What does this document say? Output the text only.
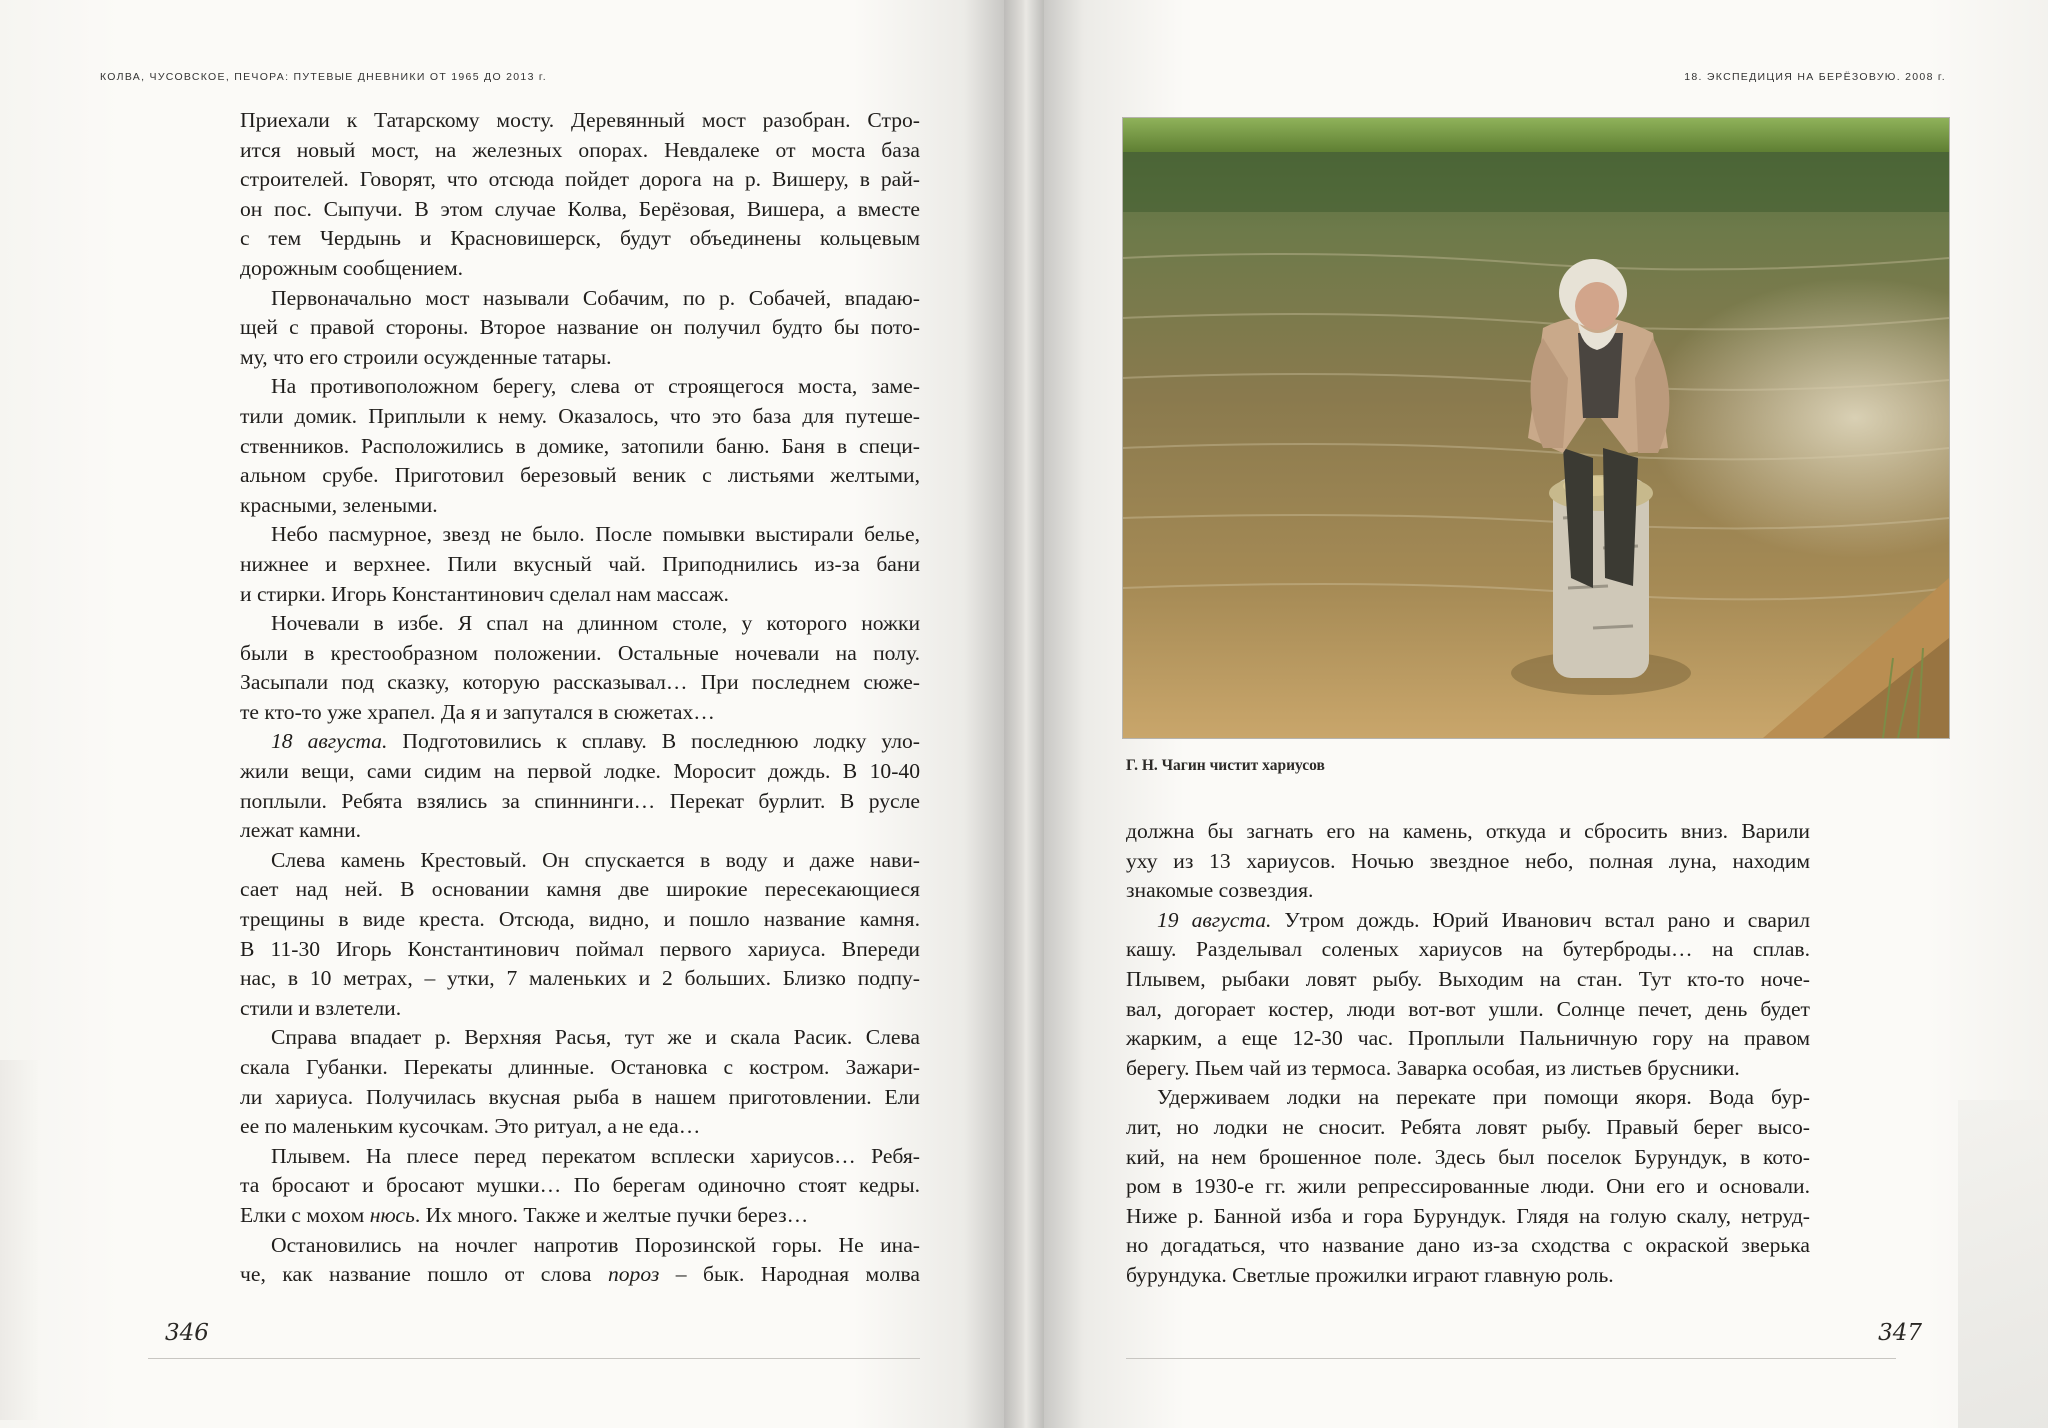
КОЛВА, ЧУСОВСКОЕ, ПЕЧОРА: ПУТЕВЫЕ ДНЕВНИКИ ОТ 1965 ДО 2013 г.
Приехали к Татарскому мосту. Деревянный мост разобран. Стро-
ится новый мост, на железных опорах. Невдалеке от моста база
строителей. Говорят, что отсюда пойдет дорога на р. Вишеру, в рай-
он пос. Сыпучи. В этом случае Колва, Берёзовая, Вишера, а вместе
с тем Чердынь и Красновишерск, будут объединены кольцевым
дорожным сообщением.
Первоначально мост называли Собачим, по р. Собачей, впадаю-
щей с правой стороны. Второе название он получил будто бы пото-
му, что его строили осужденные татары.
На противоположном берегу, слева от строящегося моста, заме-
тили домик. Приплыли к нему. Оказалось, что это база для путеше-
ственников. Расположились в домике, затопили баню. Баня в специ-
альном срубе. Приготовил березовый веник с листьями желтыми,
красными, зелеными.
Небо пасмурное, звезд не было. После помывки выстирали белье,
нижнее и верхнее. Пили вкусный чай. Приподнились из-за бани
и стирки. Игорь Константинович сделал нам массаж.
Ночевали в избе. Я спал на длинном столе, у которого ножки
были в крестообразном положении. Остальные ночевали на полу.
Засыпали под сказку, которую рассказывал… При последнем сюже-
те кто-то уже храпел. Да я и запутался в сюжетах…
18 августа. Подготовились к сплаву. В последнюю лодку уло-
жили вещи, сами сидим на первой лодке. Моросит дождь. В 10-40
поплыли. Ребята взялись за спиннинги… Перекат бурлит. В русле
лежат камни.
Слева камень Крестовый. Он спускается в воду и даже нави-
сает над ней. В основании камня две широкие пересекающиеся
трещины в виде креста. Отсюда, видно, и пошло название камня.
В 11-30 Игорь Константинович поймал первого хариуса. Впереди
нас, в 10 метрах, – утки, 7 маленьких и 2 больших. Близко подпу-
стили и взлетели.
Справа впадает р. Верхняя Расья, тут же и скала Расик. Слева
скала Губанки. Перекаты длинные. Остановка с костром. Зажари-
ли хариуса. Получилась вкусная рыба в нашем приготовлении. Ели
ее по маленьким кусочкам. Это ритуал, а не еда…
Плывем. На плесе перед перекатом всплески хариусов… Ребя-
та бросают и бросают мушки… По берегам одиночно стоят кедры.
Елки с мохом нюсь. Их много. Также и желтые пучки берез…
Остановились на ночлег напротив Порозинской горы. Не ина-
че, как название пошло от слова пороз – бык. Народная молва
346
18. ЭКСПЕДИЦИЯ НА БЕРЁЗОВУЮ. 2008 г.
Г. Н. Чагин чистит хариусов
должна бы загнать его на камень, откуда и сбросить вниз. Варили
уху из 13 хариусов. Ночью звездное небо, полная луна, находим
знакомые созвездия.
19 августа. Утром дождь. Юрий Иванович встал рано и сварил
кашу. Разделывал соленых хариусов на бутерброды… на сплав.
Плывем, рыбаки ловят рыбу. Выходим на стан. Тут кто-то ноче-
вал, догорает костер, люди вот-вот ушли. Солнце печет, день будет
жарким, а еще 12-30 час. Проплыли Пальничную гору на правом
берегу. Пьем чай из термоса. Заварка особая, из листьев брусники.
Удерживаем лодки на перекате при помощи якоря. Вода бур-
лит, но лодки не сносит. Ребята ловят рыбу. Правый берег высо-
кий, на нем брошенное поле. Здесь был поселок Бурундук, в кото-
ром в 1930-е гг. жили репрессированные люди. Они его и основали.
Ниже р. Банной изба и гора Бурундук. Глядя на голую скалу, нетруд-
но догадаться, что название дано из-за сходства с окраской зверька
бурундука. Светлые прожилки играют главную роль.
347
